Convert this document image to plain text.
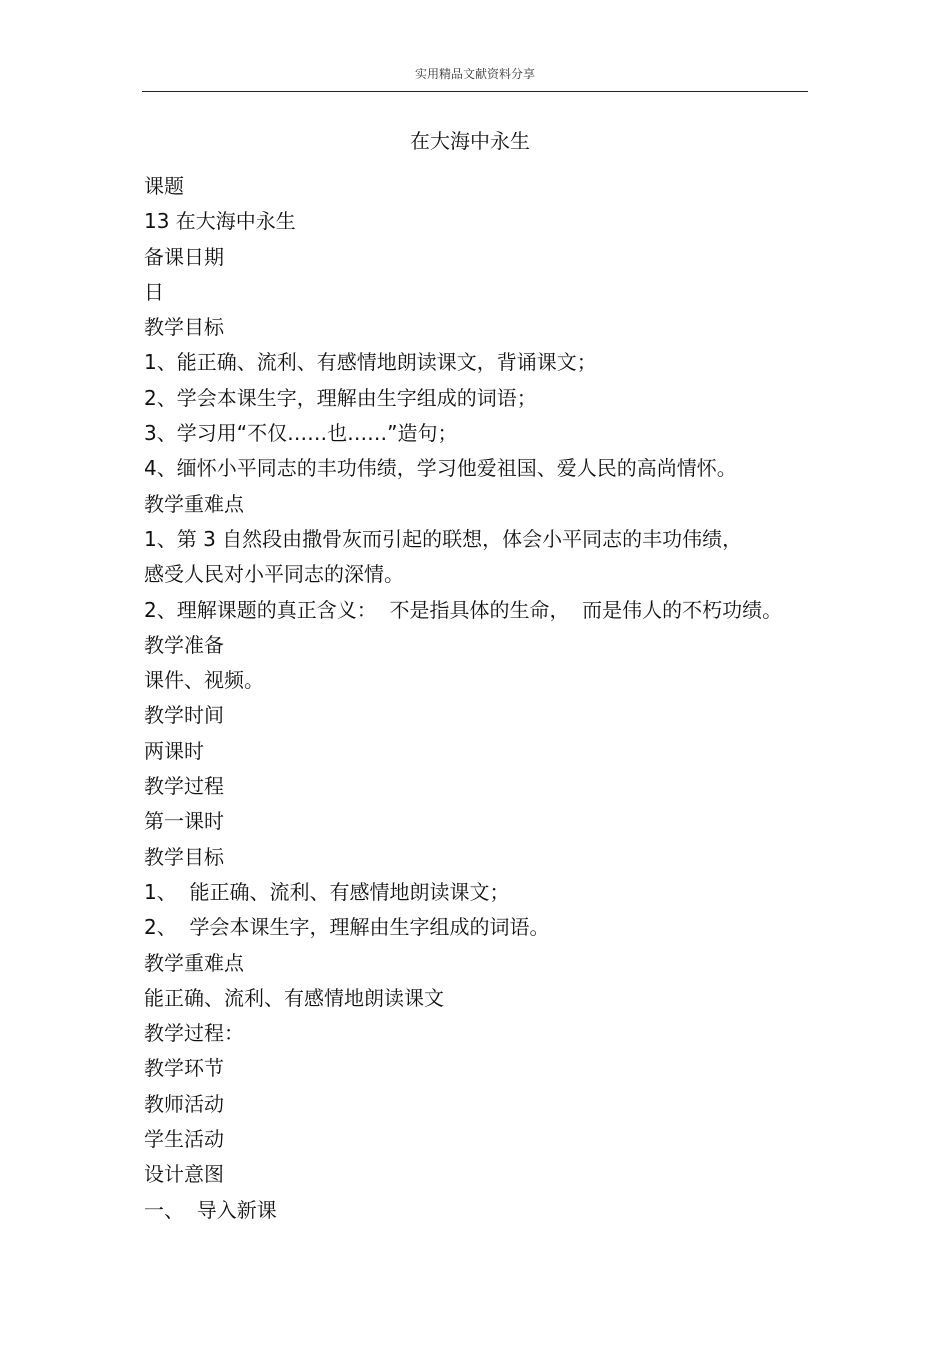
实用精品文献资料分享
在大海中永生
课题
13 在大海中永生
备课日期
日
教学目标
1、能正确、流利、有感情地朗读课文，背诵课文；
2、学会本课生字，理解由生字组成的词语；
3、学习用“不仅……也……”造句；
4、缅怀小平同志的丰功伟绩，学习他爱祖国、爱人民的高尚情怀。
教学重难点
1、第 3 自然段由撒骨灰而引起的联想，体会小平同志的丰功伟绩，
感受人民对小平同志的深情。
2、理解课题的真正含义：  不是指具体的生命，  而是伟人的不朽功绩。
教学准备
课件、视频。
教学时间
两课时
教学过程
第一课时
教学目标
1、  能正确、流利、有感情地朗读课文；
2、  学会本课生字，理解由生字组成的词语。
教学重难点
能正确、流利、有感情地朗读课文
教学过程：
教学环节
教师活动
学生活动
设计意图
一、  导入新课
